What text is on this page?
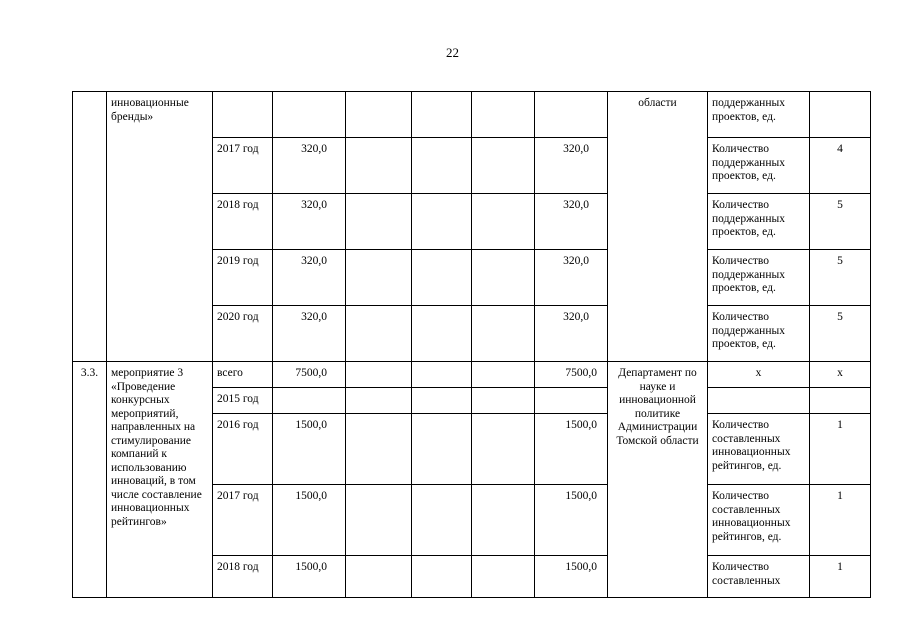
22
	инновационные бренды»							области	поддержанных проектов, ед.	
		2017 год	320,0				320,0		Количество поддержанных проектов, ед.	4
		2018 год	320,0				320,0		Количество поддержанных проектов, ед.	5
		2019 год	320,0				320,0		Количество поддержанных проектов, ед.	5
		2020 год	320,0				320,0		Количество поддержанных проектов, ед.	5
3.3.	мероприятие 3 «Проведение конкурсных мероприятий, направленных на стимулирование компаний к использованию инноваций, в том числе составление инновационных рейтингов»	всего	7500,0				7500,0	Департамент по науке и инновационной политике Администрации Томской области	х	х
		2015 год								
		2016 год	1500,0				1500,0		Количество составленных инновационных рейтингов, ед.	1
		2017 год	1500,0				1500,0		Количество составленных инновационных рейтингов, ед.	1
		2018 год	1500,0				1500,0		Количество составленных	1
